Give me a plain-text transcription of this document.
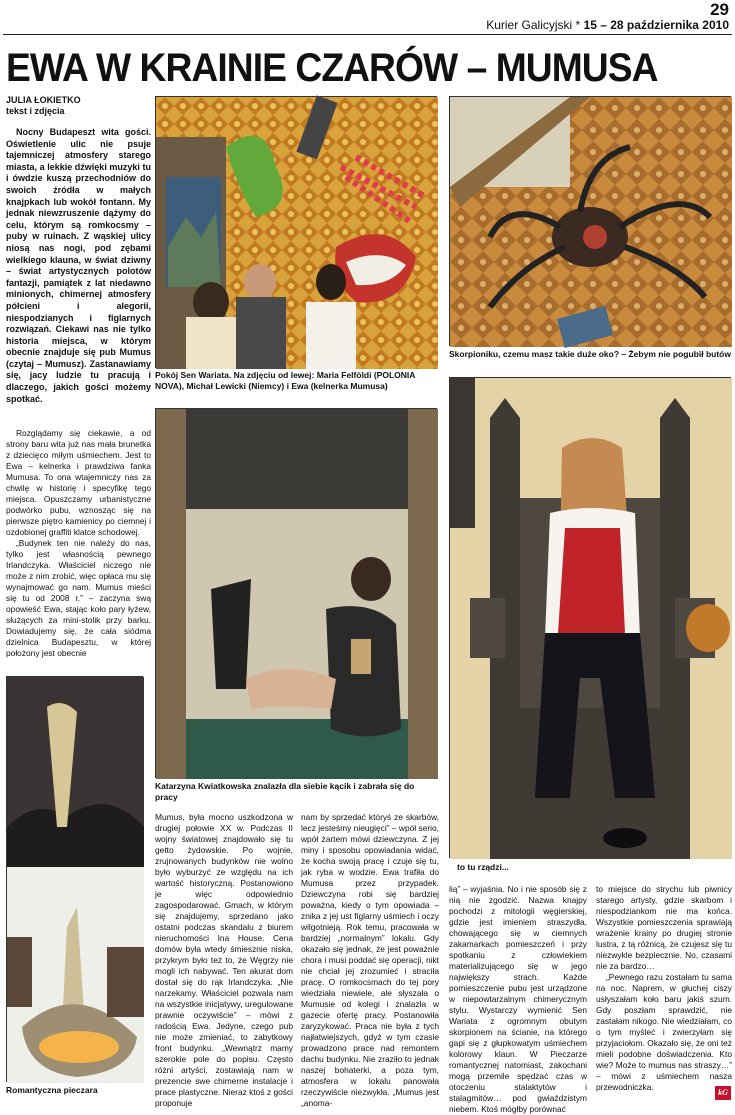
29
Kurier Galicyjski * 15 – 28 października 2010
EWA W KRAINIE CZARÓW – MUMUSA
JULIA ŁOKIETKO
tekst i zdjęcia

Nocny Budapeszt wita gości. Oświetlenie ulic nie psuje tajemniczej atmosfery starego miasta, a lekkie dźwięki muzyki tu i ówdzie kuszą przechodniów do swoich źródła w małych knajpkach lub wokół fontann. My jednak niewzruszenie dążymy do celu, którym są romkocsmy – puby w ruinach. Z wąskiej ulicy niosą nas nogi, pod zębami wielkiego klauna, w świat dziwny – świat artystycznych polotów fantazji, pamiątek z lat niedawno minionych, chimernej atmosfery półcieni i alegorii, niespodzianych i figlarnych rozwiązań. Ciekawi nas nie tylko historia miejsca, w którym obecnie znajduje się pub Mumus (czytaj – Mumusz). Zastanawiamy się, jacy ludzie tu pracują i dlaczego, jakich gości możemy spotkać.

Rozglądamy się ciekawie, a od strony baru wita już nas mała brunetka z dziecięco miłym uśmiechem. Jest to Ewa – kelnerka i prawdziwa fanka Mumusa. To ona wtajemniczy nas za chwilę w historię i specyfikę tego miejsca. Opuszczamy urbanistyczne podwórko pubu, wznosząc się na pierwsze piętro kamienicy po ciemnej i ozdobionej graffiti klatce schodowej.

„Budynek ten nie należy do nas, tylko jest własnością pewnego Irlandczyka. Właściciel niczego nie może z nim zrobić, więc opłaca mu się wynajmować go nam. Mumus mieści się tu od 2008 r.” – zaczyna swą opowieść Ewa, stając koło pary łyżew, służących za mini-stolik przy barku. Dowiadujemy się, że cała siódma dzielnica Budapesztu, w której położony jest obecnie

Pokój Sen Wariata. Na zdjęciu od lewej: Maria Felföldi (POLONIA NOVA), Michał Lewicki (Niemcy) i Ewa (kelnerka Mumusa)
Skorpioniku, czemu masz takie duże oko? – Żebym nie pogubił butów
Katarzyna Kwiatkowska znalazła dla siebie kącik i zabrała się do pracy
to tu rządzi...
Romantyczna pieczara

Mumus, była mocno uszkodzona w drugiej połowie XX w. Podczas II wojny światowej znajdowało się tu getto żydowskie. Po wojnie, zrujnowanych budynków nie wolno było wyburzyć ze względu na ich wartość historyczną. Postanowiono je więc odpowiednio zagospodarować. Gmach, w którym się znajdujemy, sprzedano jako ostatni podczas skandalu z biurem nieruchomości Ina House. Cena domów była wtedy śmiesznie niska, przykrym było też to, że Węgrzy nie mogli ich nabywać. Ten akurat dom dostał się do rąk Irlandczyka. „Nie narzekamy. Właściciel pozwala nam na wszystkie inicjatywy, uregulowane prawnie oczywiście” – mówi z radością Ewa. Jedyne, czego pub nie może zmieniać, to zabytkowy front budynku. „Wewnątrz mamy szerokie pole do popisu. Często różni artyści, zostawiają nam w prezencie swe chimerne instalacje i prace plastyczne. Nieraz ktoś z gości proponuje

nam by sprzedać któryś ze skarbów, lecz jesteśmy nieugięci” – wpół serio, wpół żartem mówi dziewczyna. Z jej miny i sposobu opowiadania widać, że kocha swoją pracę i czuje się tu, jak ryba w wodzie. Ewa trafiła do Mumusa przez przypadek. Dziewczyna robi się bardziej poważna, kiedy o tym opowiada – znika z jej ust figlarny uśmiech i oczy wilgotnieją. Rok temu, pracowała w bardziej „normalnym” lokalu. Gdy okazało się jednak, że jest poważnie chora i musi poddać się operacji, nikt nie chciał jej zrozumieć i straciła pracę. O romkocsmach do tej pory wiedziała niewiele, ale słyszała o Mumusie od kolegi i znalazła w gazecie ofertę pracy. Postanowiła zaryzykować. Praca nie była z tych najłatwiejszych, gdyż w tym czasie prowadzono prace nad remontem dachu budynku. Nie zraziło to jednak naszej bohaterki, a poza tym, atmosfera w lokalu panowała rzeczywiście niezwykła. „Mumus jest „anoma-

lią” – wyjaśnia. No i nie sposób się z nią nie zgodzić. Nazwa knajpy pochodzi z mitologii węgierskiej, gdzie jest imieniem straszydła, chowającego się w ciemnych zakamarkach pomieszczeń i przy spotkaniu z człowiekiem materializującego się w jego największy strach. Każde pomieszczenie pubu jest urządzone w niepowtarzalnym chimerycznym stylu. Wystarczy wymienić Sen Wariata z ogromnym obutym skorpionem na ścianie, na którego gapi się z głupkowatym uśmiechem kolorowy klaun. W Pieczarze romantycznej natomiast, zakochani mogą przemile spędzać czas w otoczeniu stalaktytów i stalagmitów… pod gwiaździstym niebem. Ktoś mógłby porównać

to miejsce do strychu lub piwnicy starego artysty, gdzie skarbom i niespodziankom nie ma końca. Wszystkie pomieszczenia sprawiają wrażenie krainy po drugiej stronie lustra, z tą różnicą, że czujesz się tu niezwykle bezpiecznie. No, czasami nie za bardzo…

„Pewnego razu zostałam tu sama na noc. Naprem, w głuchej ciszy usłyszałam koło baru jakiś szum. Gdy poszłam sprawdzić, nie zastałam nikogo. Nie wiedziałam, co o tym myśleć i zwierzyłam się przyjaciołom. Okazało się, że oni też mieli podobne doświadczenia. Kto wie? Może to mumus nas straszy…” – mówi z uśmiechem nasza przewodniczka.

kG
